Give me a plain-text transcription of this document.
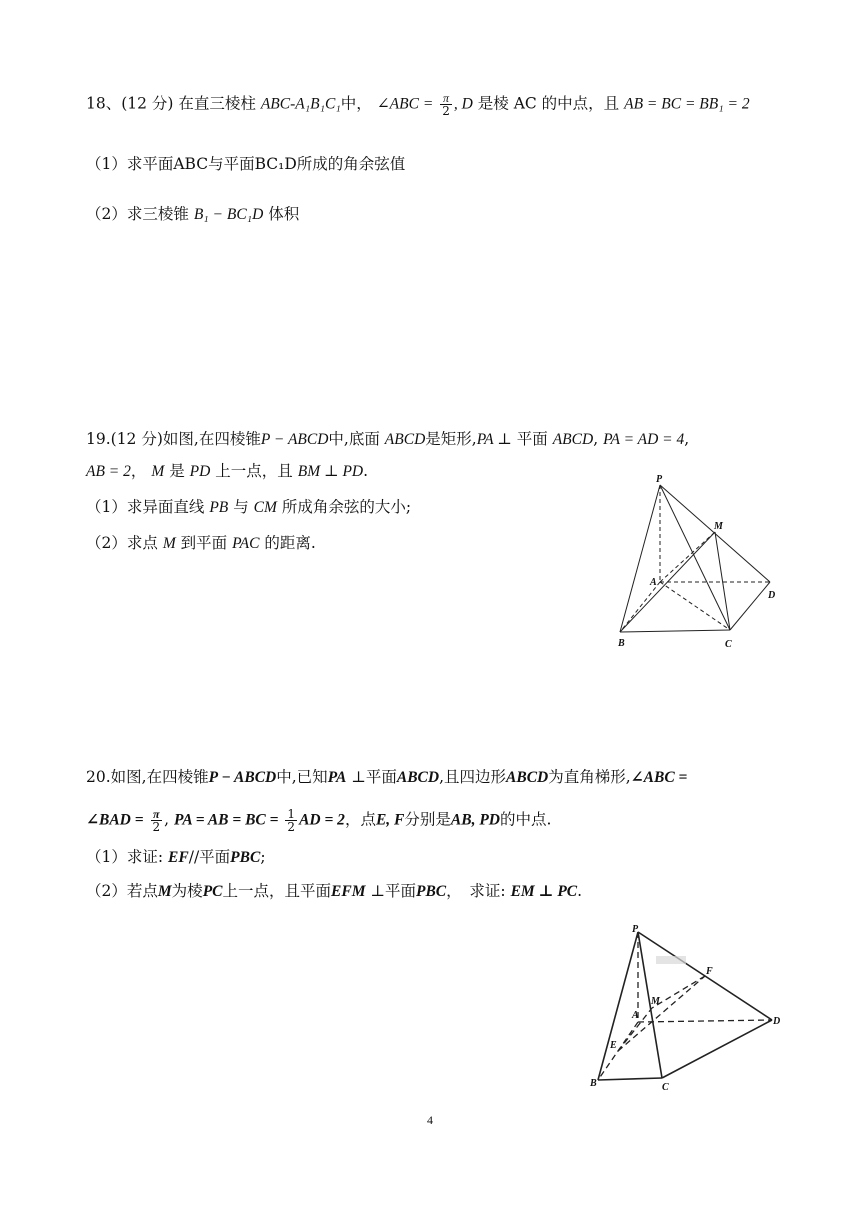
18、(12 分) 在直三棱柱 ABC-A₁B₁C₁中， ∠ABC = $\frac{\pi}{2}$ , D 是棱 AC 的中点，且 AB = BC = BB₁ = 2
（1）求平面ABC与平面BC₁D所成的角余弦值
（2）求三棱锥 B₁ − BC₁D 体积
19.(12 分)如图,在四棱锥P − ABCD中,底面 ABCD是矩形,PA ⊥ 平面 ABCD, PA = AD = 4,
AB = 2， M 是 PD 上一点，且 BM ⊥ PD.
（1）求异面直线 PB 与 CM 所成角余弦的大小;
（2）求点 M 到平面 PAC 的距离.
P
M
A
D
B	C
20.如图,在四棱锥P − ABCD中,已知PA ⊥平面ABCD,且四边形ABCD为直角梯形,∠ABC =
∠BAD = $\frac{\pi}{2}$ , PA = AB = BC = $\frac{1}{2}$ AD = 2，点E, F分别是AB, PD的中点.
（1）求证: EF//平面PBC;
（2）若点M为棱PC上一点，且平面EFM ⊥平面PBC，　求证: EM ⊥ PC.
P
F
M
A
D
E
B	C
4
